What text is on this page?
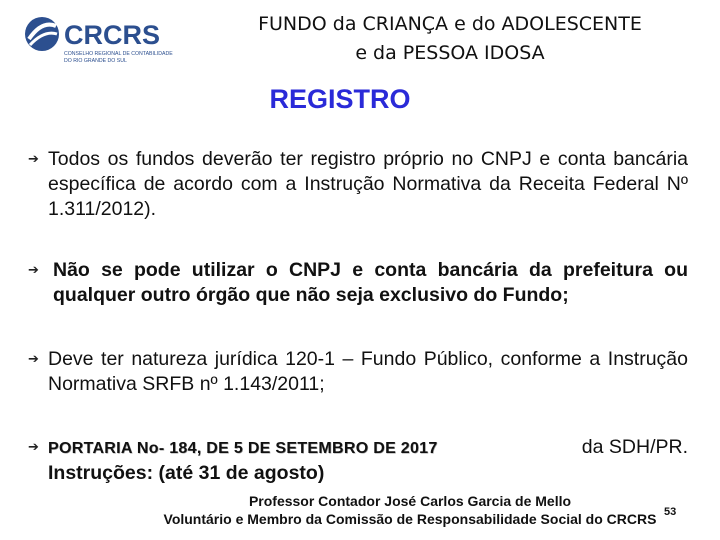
CRCRS
CONSELHO REGIONAL DE CONTABILIDADE
DO RIO GRANDE DO SUL
FUNDO da CRIANÇA e do ADOLESCENTE
e da PESSOA IDOSA
REGISTRO
➔ Todos os fundos deverão ter registro próprio no CNPJ e conta bancária específica de acordo com a Instrução Normativa da Receita Federal Nº 1.311/2012).
➔ Não se pode utilizar o CNPJ e conta bancária da prefeitura ou qualquer outro órgão que não seja exclusivo do Fundo;
➔ Deve ter natureza jurídica 120-1 – Fundo Público, conforme a Instrução Normativa SRFB nº 1.143/2011;
➔ PORTARIA No- 184, DE 5 DE SETEMBRO DE 2017	da SDH/PR.
Instruções: (até 31 de agosto)
Professor Contador José Carlos Garcia de Mello
Voluntário e Membro da Comissão de Responsabilidade Social do CRCRS 53
